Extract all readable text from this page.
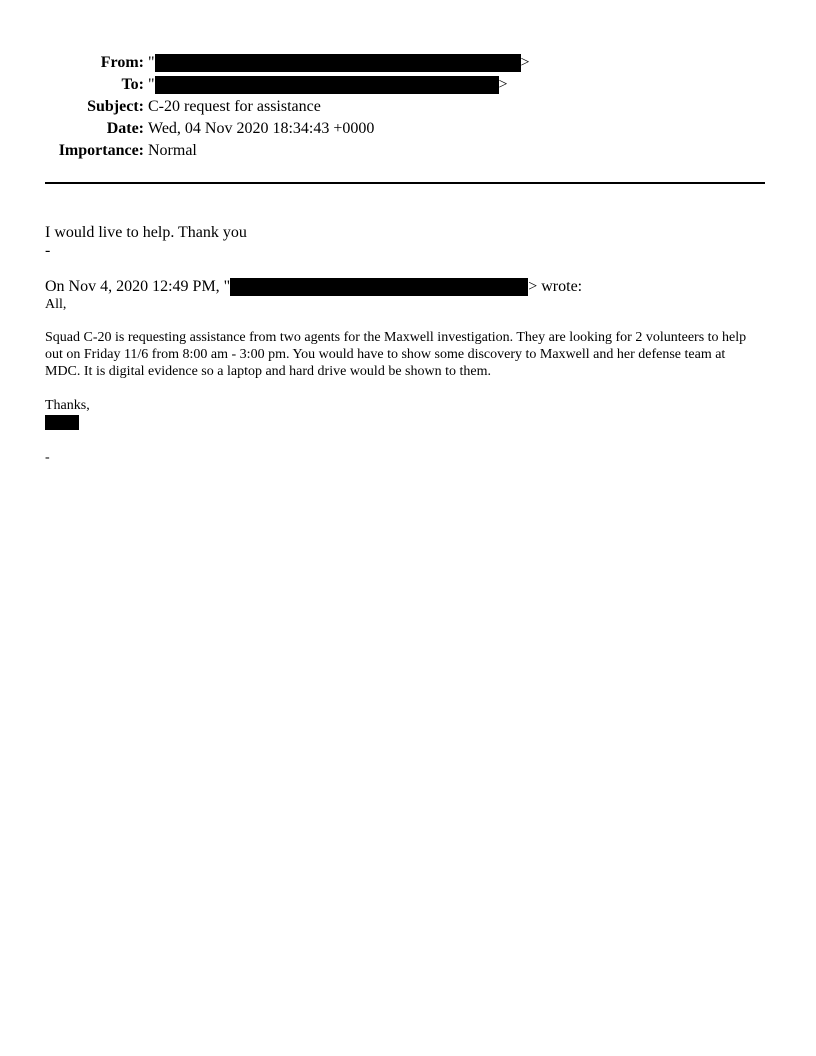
From: "	>
To: "	>
Subject: C-20 request for assistance
Date: Wed, 04 Nov 2020 18:34:43 +0000
Importance: Normal
I would live to help. Thank you
-
On Nov 4, 2020 12:49 PM, "	> wrote:
All,
Squad C-20 is requesting assistance from two agents for the Maxwell investigation. They are looking for 2 volunteers to help out on Friday 11/6 from 8:00 am - 3:00 pm. You would have to show some discovery to Maxwell and her defense team at MDC. It is digital evidence so a laptop and hard drive would be shown to them.
Thanks,
-
